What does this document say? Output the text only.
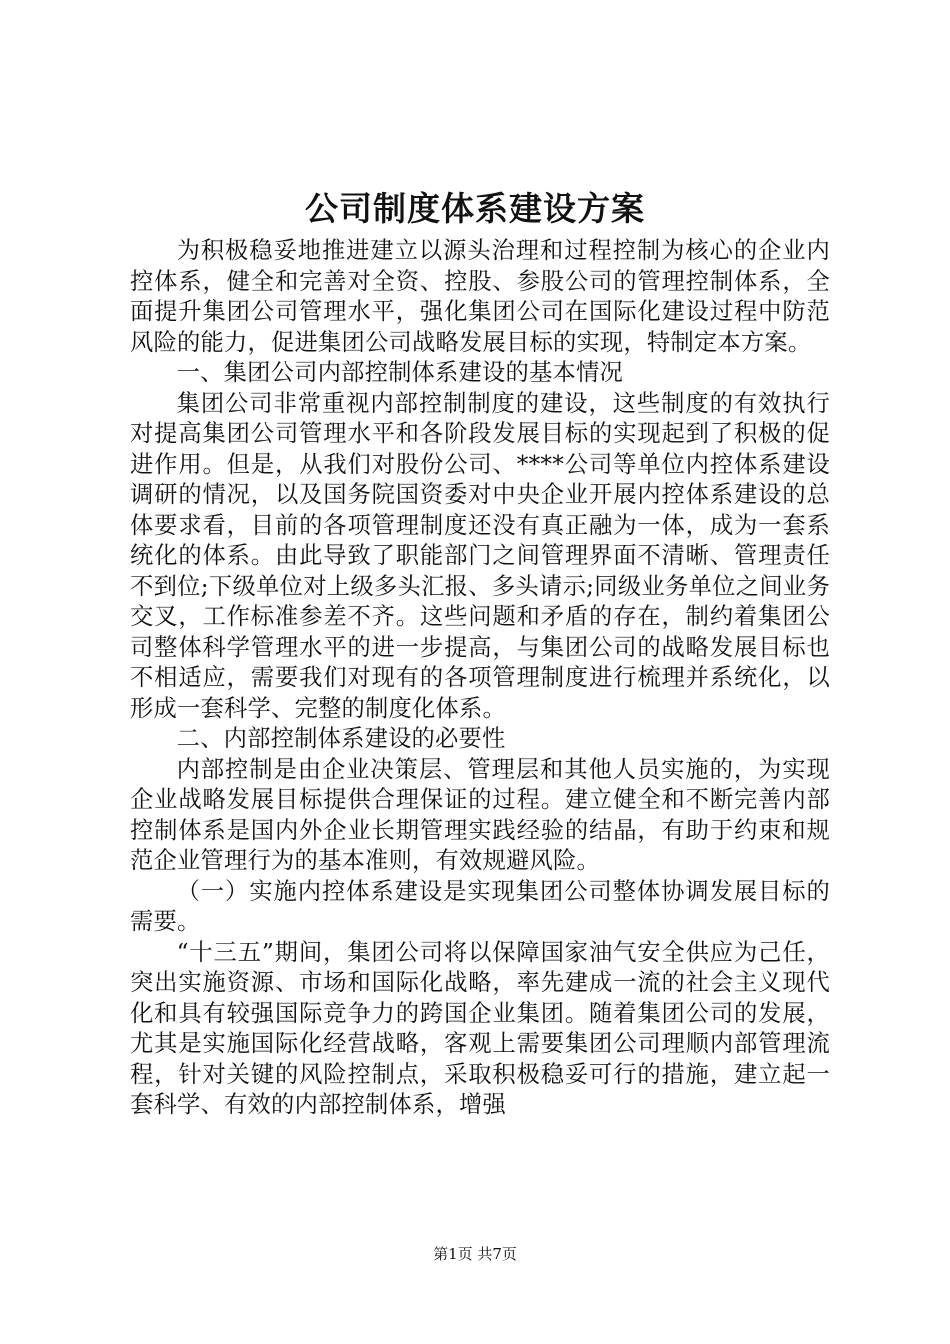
公司制度体系建设方案

为积极稳妥地推进建立以源头治理和过程控制为核心的企业内控体系，健全和完善对全资、控股、参股公司的管理控制体系，全面提升集团公司管理水平，强化集团公司在国际化建设过程中防范风险的能力，促进集团公司战略发展目标的实现，特制定本方案。

一、集团公司内部控制体系建设的基本情况

集团公司非常重视内部控制制度的建设，这些制度的有效执行对提高集团公司管理水平和各阶段发展目标的实现起到了积极的促进作用。但是，从我们对股份公司、****公司等单位内控体系建设调研的情况，以及国务院国资委对中央企业开展内控体系建设的总体要求看，目前的各项管理制度还没有真正融为一体，成为一套系统化的体系。由此导致了职能部门之间管理界面不清晰、管理责任不到位;下级单位对上级多头汇报、多头请示;同级业务单位之间业务交叉，工作标准参差不齐。这些问题和矛盾的存在，制约着集团公司整体科学管理水平的进一步提高，与集团公司的战略发展目标也不相适应，需要我们对现有的各项管理制度进行梳理并系统化，以形成一套科学、完整的制度化体系。

二、内部控制体系建设的必要性

内部控制是由企业决策层、管理层和其他人员实施的，为实现企业战略发展目标提供合理保证的过程。建立健全和不断完善内部控制体系是国内外企业长期管理实践经验的结晶，有助于约束和规范企业管理行为的基本准则，有效规避风险。

（一）实施内控体系建设是实现集团公司整体协调发展目标的需要。

“十三五”期间，集团公司将以保障国家油气安全供应为己任，突出实施资源、市场和国际化战略，率先建成一流的社会主义现代化和具有较强国际竞争力的跨国企业集团。随着集团公司的发展，尤其是实施国际化经营战略，客观上需要集团公司理顺内部管理流程，针对关键的风险控制点，采取积极稳妥可行的措施，建立起一套科学、有效的内部控制体系，增强

第1页 共7页
